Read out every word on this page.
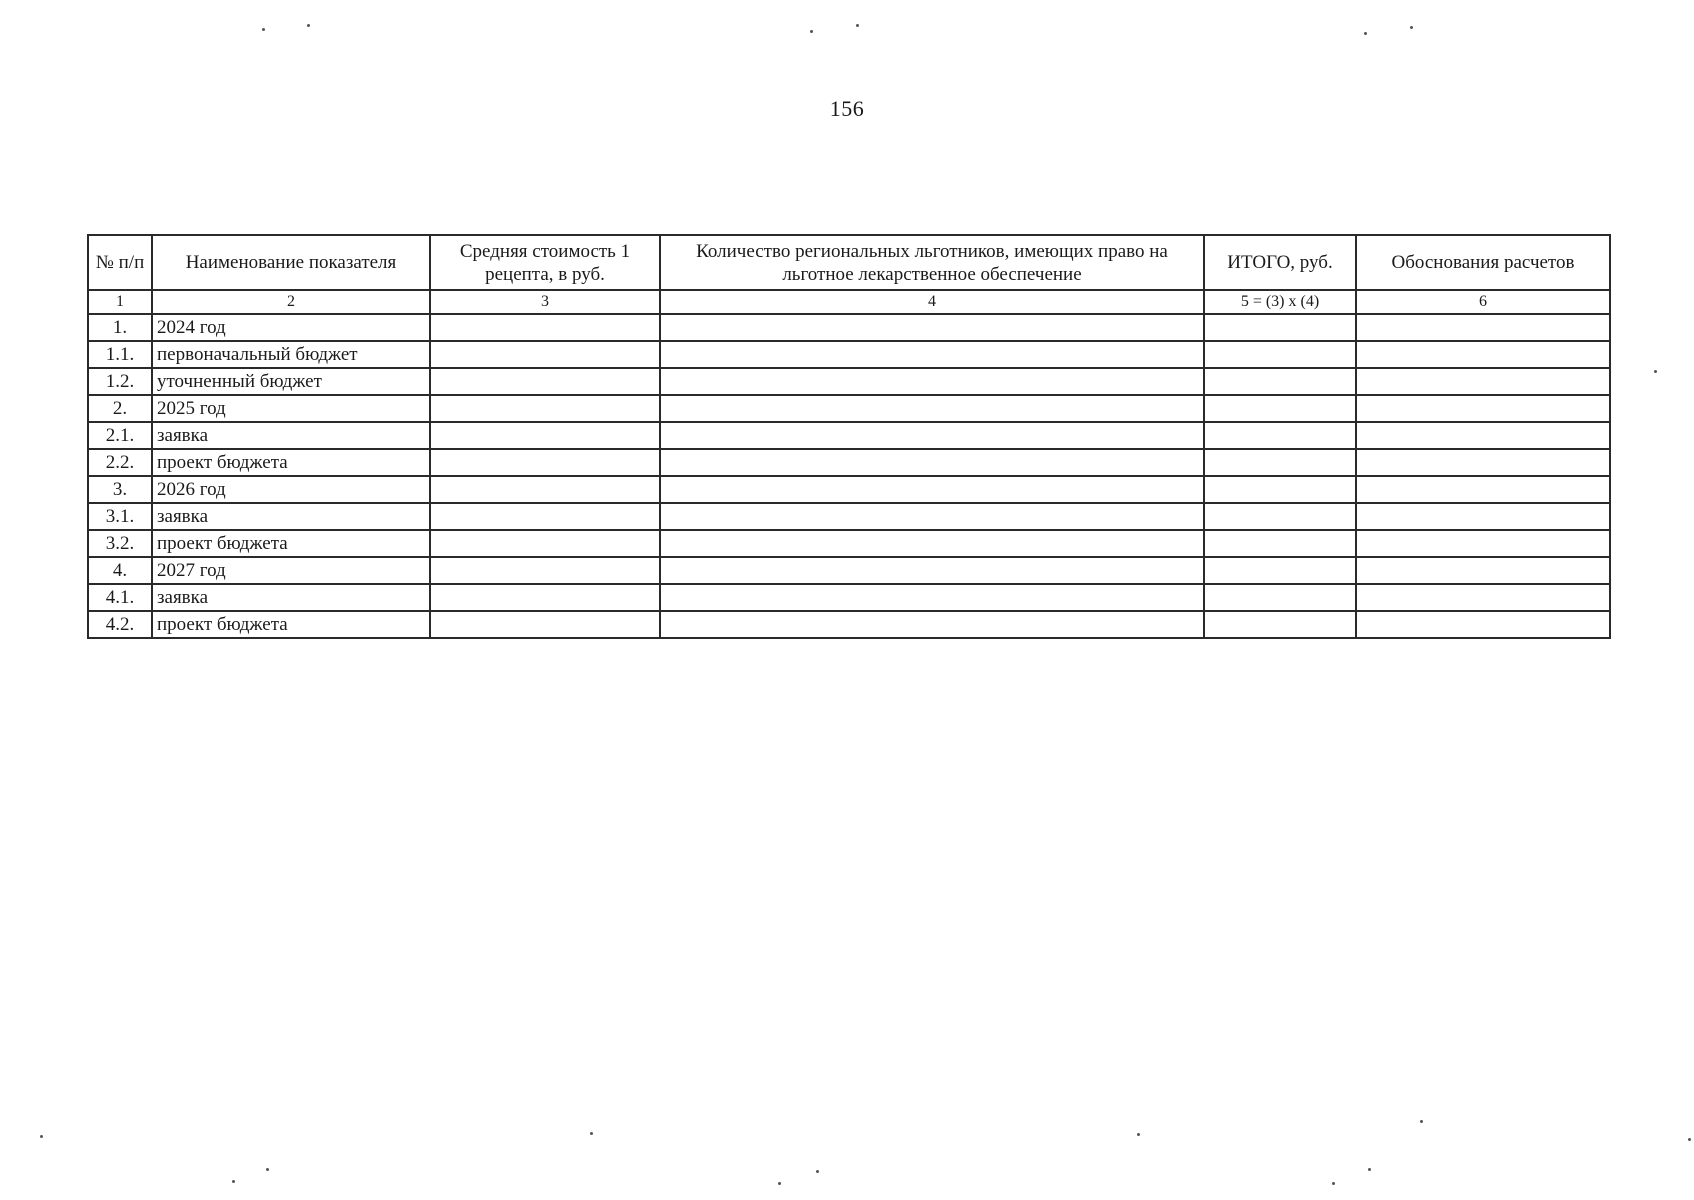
156
№ п/п	Наименование показателя	Средняя стоимость 1 рецепта, в руб.	Количество региональных льготников, имеющих право на льготное лекарственное обеспечение	ИТОГО, руб.	Обоснования расчетов
1	2	3	4	5 = (3) x (4)	6
1.	2024 год				
1.1.	первоначальный бюджет				
1.2.	уточненный бюджет				
2.	2025 год				
2.1.	заявка				
2.2.	проект бюджета				
3.	2026 год				
3.1.	заявка				
3.2.	проект бюджета				
4.	2027 год				
4.1.	заявка				
4.2.	проект бюджета				
